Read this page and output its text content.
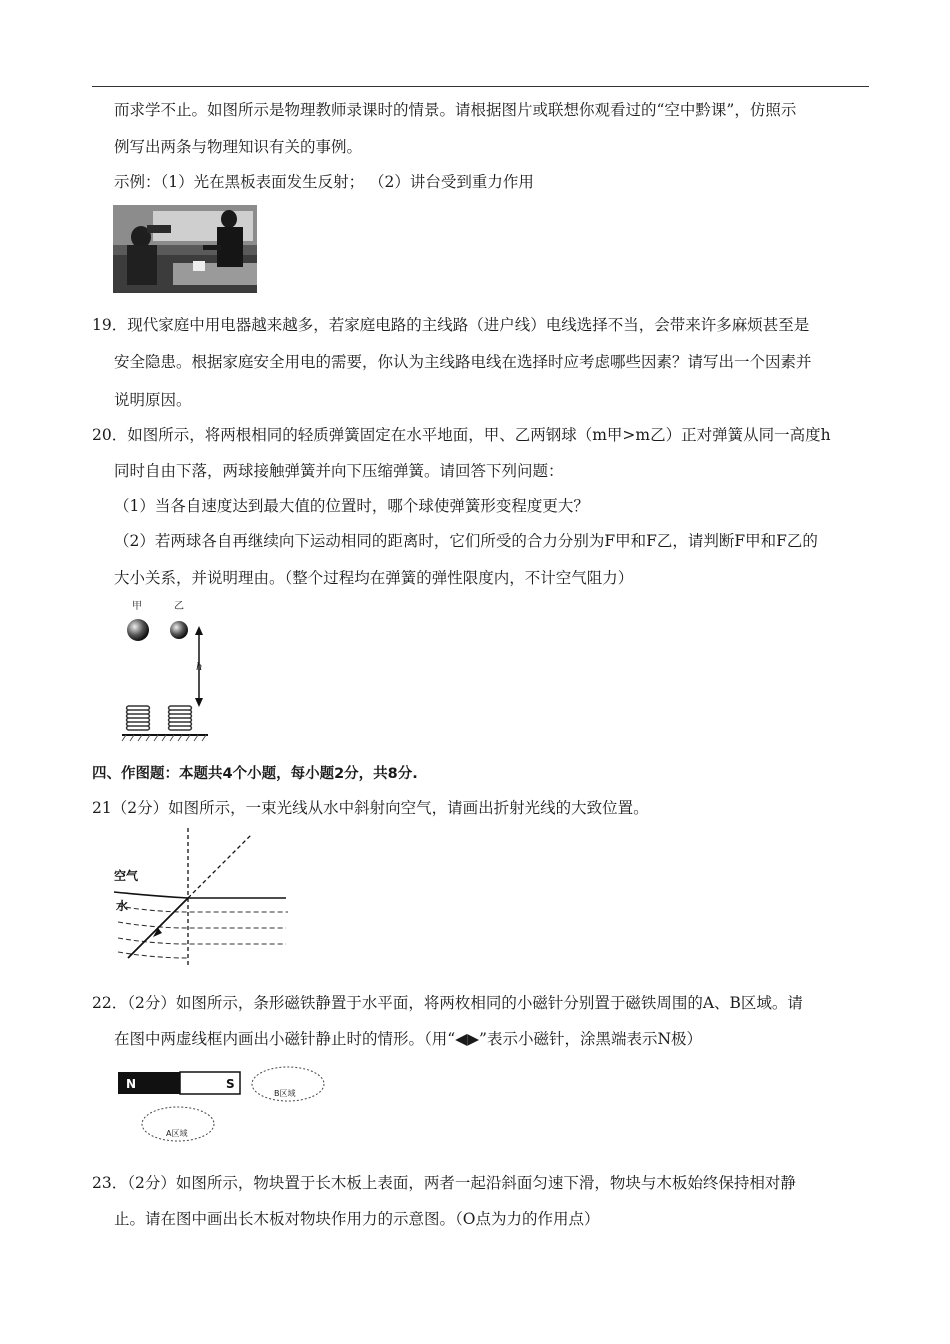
而求学不止。如图所示是物理教师录课时的情景。请根据图片或联想你观看过的“空中黔课”，仿照示
例写出两条与物理知识有关的事例。
示例：（1）光在黑板表面发生反射； （2）讲台受到重力作用
19．现代家庭中用电器越来越多，若家庭电路的主线路（进户线）电线选择不当，会带来许多麻烦甚至是
安全隐患。根据家庭安全用电的需要，你认为主线路电线在选择时应考虑哪些因素？请写出一个因素并
说明原因。
20．如图所示，将两根相同的轻质弹簧固定在水平地面，甲、乙两钢球（m甲>m乙）正对弹簧从同一高度h
同时自由下落，两球接触弹簧并向下压缩弹簧。请回答下列问题：
（1）当各自速度达到最大值的位置时，哪个球使弹簧形变程度更大？
（2）若两球各自再继续向下运动相同的距离时，它们所受的合力分别为F甲和F乙，请判断F甲和F乙的
大小关系，并说明理由。（整个过程均在弹簧的弹性限度内，不计空气阻力）
甲	乙
h
四、作图题：本题共4个小题，每小题2分，共8分.
21（2分）如图所示，一束光线从水中斜射向空气，请画出折射光线的大致位置。
空气
水
22．（2分）如图所示，条形磁铁静置于水平面，将两枚相同的小磁针分别置于磁铁周围的A、B区域。请
在图中两虚线框内画出小磁针静止时的情形。（用“◀▶”表示小磁针，涂黑端表示N极）
N	S
B区域
A区域
23．（2分）如图所示，物块置于长木板上表面，两者一起沿斜面匀速下滑，物块与木板始终保持相对静
止。请在图中画出长木板对物块作用力的示意图。（O点为力的作用点）
